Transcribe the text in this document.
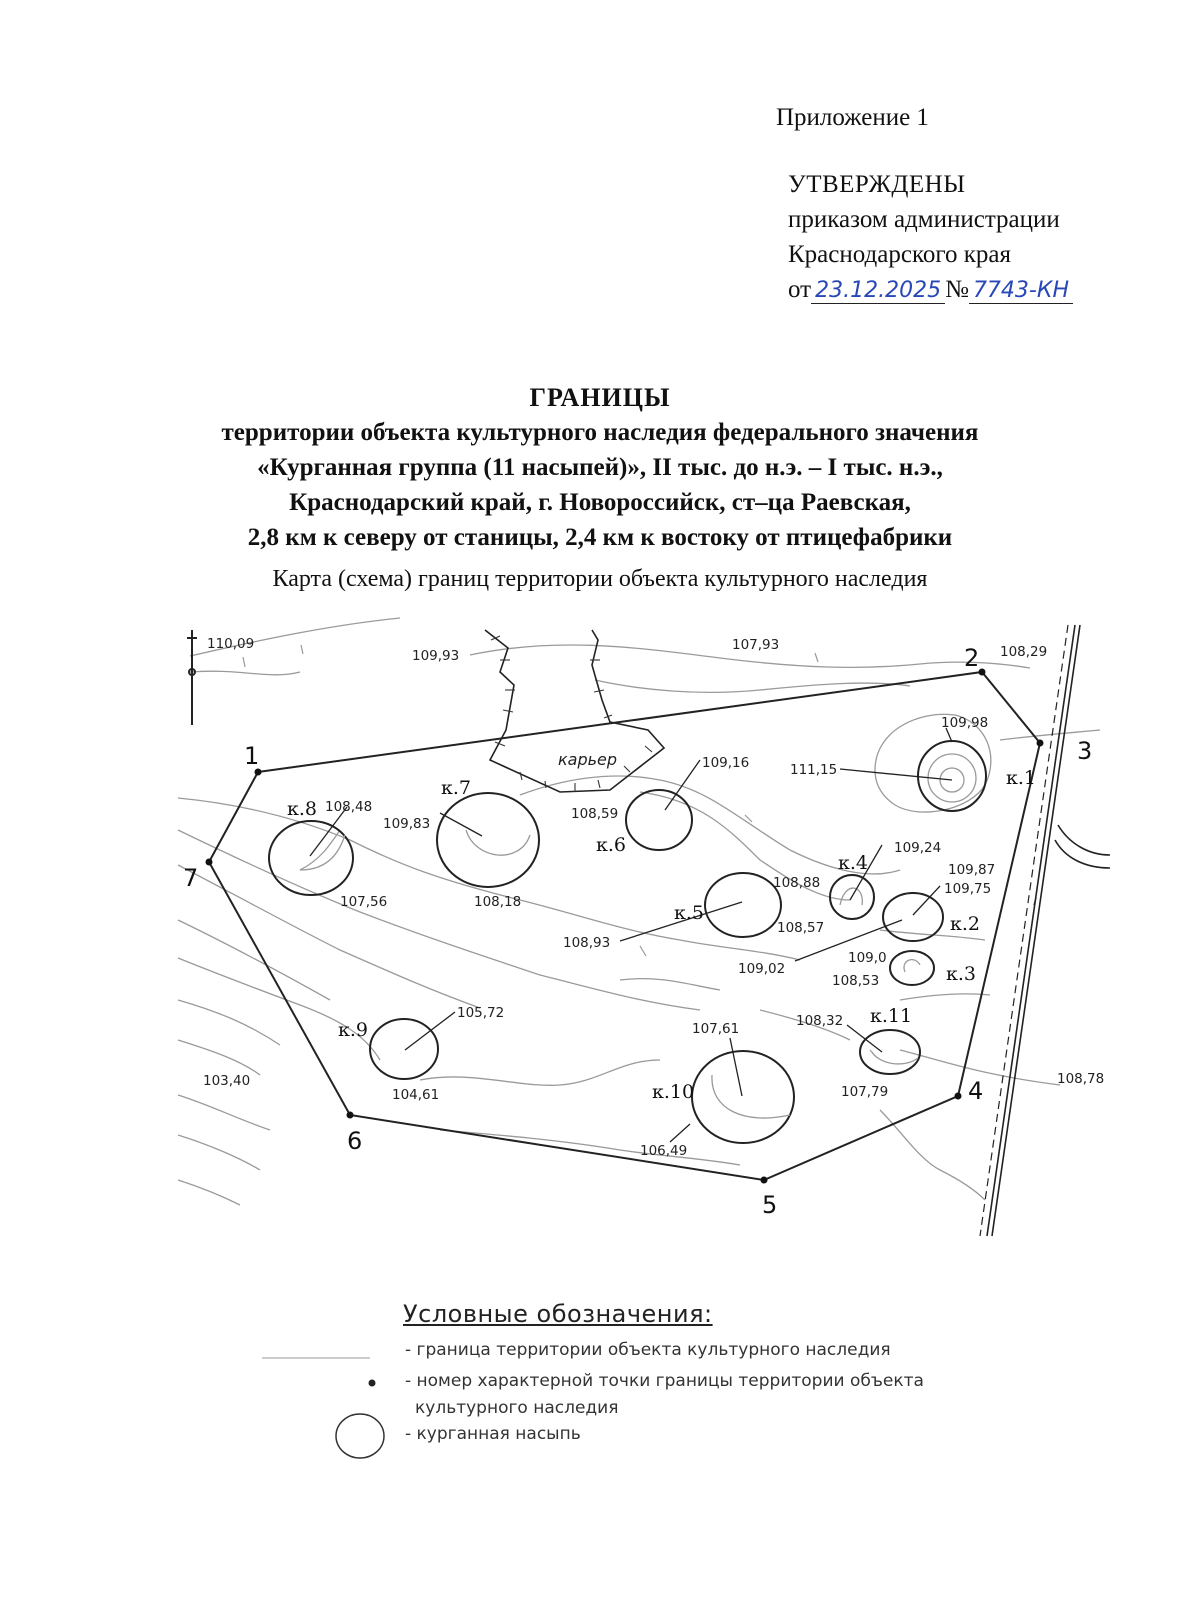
Приложение 1
УТВЕРЖДЕНЫ
приказом администрации
Краснодарского края
от 23.12.2025 № 7743-КН
ГРАНИЦЫ
территории объекта культурного наследия федерального значения
«Курганная группа (11 насыпей)», II тыс. до н.э. – I тыс. н.э.,
Краснодарский край, г. Новороссийск, ст–ца Раевская,
2,8 км к северу от станицы, 2,4 км к востоку от птицефабрики
Карта (схема) границ территории объекта культурного наследия
карьер
1
2
3
4
5
6
7
к.1
к.2
к.3
к.4
к.5
к.6
к.7
к.8
к.9
к.10
к.11
110,09
109,93
107,93	108,29
109,98
111,15
109,16
108,59
109,83
108,48
107,56	108,18
109,24
108,88
109,87
109,75
108,57
108,93
109,02
109,0
108,53
105,72
104,61
103,40
107,61
106,49
108,32
107,79
108,78
Условные обозначения:
- граница территории объекта культурного наследия
- номер характерной точки границы территории объекта
культурного наследия
- курганная насыпь
